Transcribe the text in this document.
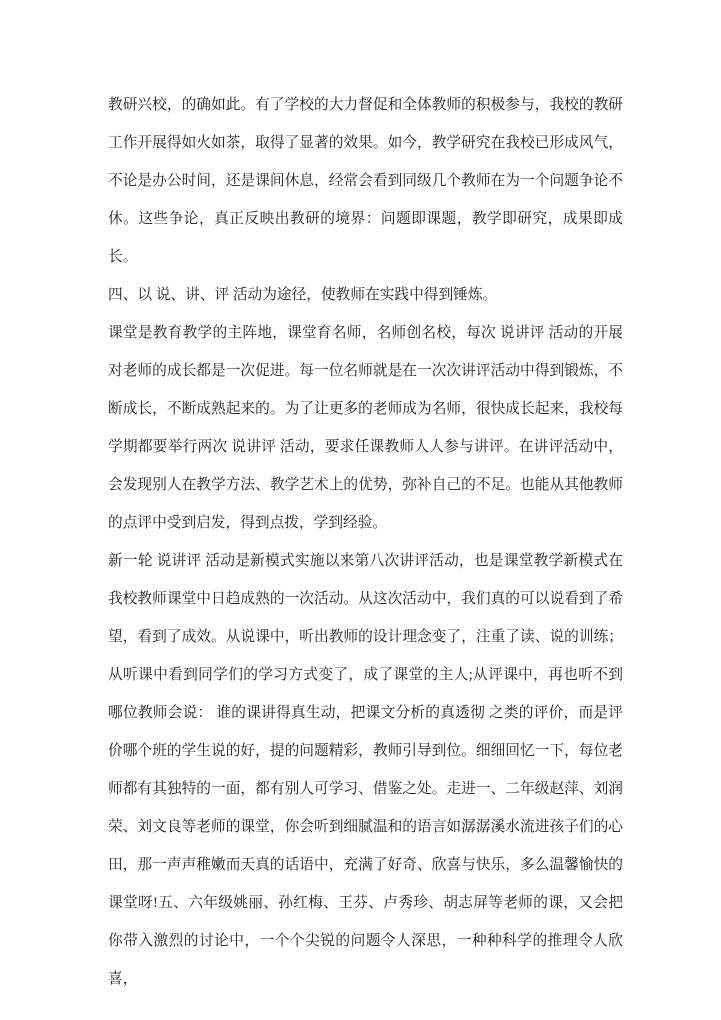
教研兴校，的确如此。有了学校的大力督促和全体教师的积极参与，我校的教研工作开展得如火如茶，取得了显著的效果。如今，教学研究在我校已形成风气，不论是办公时间，还是课间休息，经常会看到同级几个教师在为一个问题争论不休。这些争论，真正反映出教研的境界：问题即课题，教学即研究，成果即成长。

四、以 说、讲、评 活动为途径，使教师在实践中得到锤炼。

课堂是教育教学的主阵地，课堂育名师，名师创名校，每次 说讲评 活动的开展对老师的成长都是一次促进。每一位名师就是在一次次讲评活动中得到锻炼，不断成长，不断成熟起来的。为了让更多的老师成为名师，很快成长起来，我校每学期都要举行两次 说讲评 活动，要求任课教师人人参与讲评。在讲评活动中，会发现别人在教学方法、教学艺术上的优势，弥补自己的不足。也能从其他教师的点评中受到启发，得到点拨，学到经验。

新一轮 说讲评 活动是新模式实施以来第八次讲评活动，也是课堂教学新模式在我校教师课堂中日趋成熟的一次活动。从这次活动中，我们真的可以说看到了希望，看到了成效。从说课中，听出教师的设计理念变了，注重了读、说的训练；从听课中看到同学们的学习方式变了，成了课堂的主人;从评课中，再也听不到哪位教师会说： 谁的课讲得真生动，把课文分析的真透彻 之类的评价，而是评价哪个班的学生说的好，提的问题精彩，教师引导到位。细细回忆一下，每位老师都有其独特的一面，都有别人可学习、借鉴之处。走进一、二年级赵萍、刘润荣、刘文良等老师的课堂，你会听到细腻温和的语言如潺潺溪水流进孩子们的心田，那一声声稚嫩而天真的话语中，充满了好奇、欣喜与快乐，多么温馨愉快的课堂呀!五、六年级姚丽、孙红梅、王芬、卢秀珍、胡志屏等老师的课，又会把你带入激烈的讨论中，一个个尖锐的问题令人深思，一种种科学的推理令人欣喜，
